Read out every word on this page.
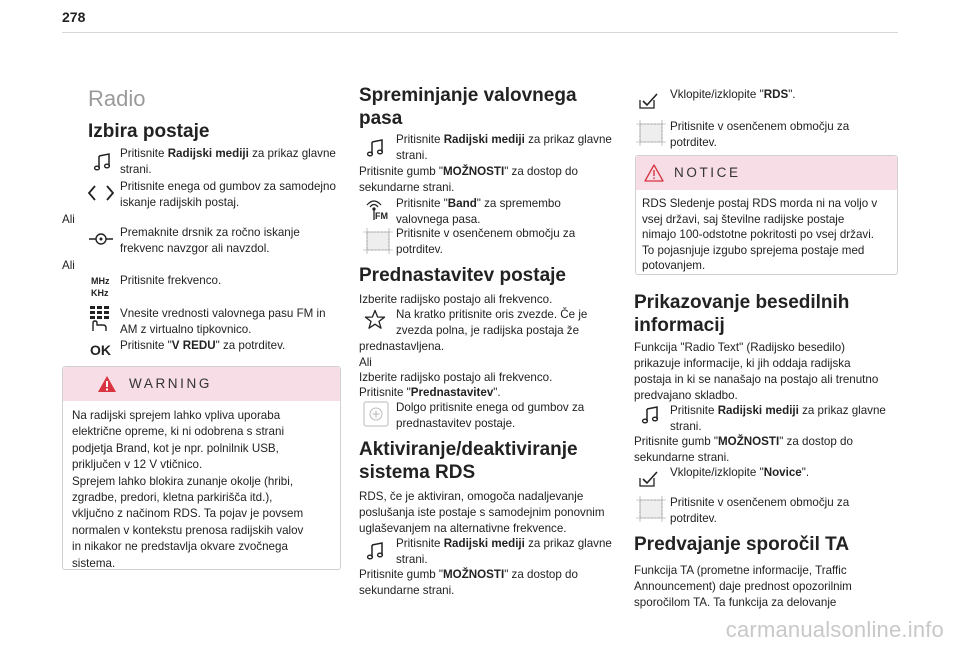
278
Radio
Izbira postaje
Pritisnite Radijski mediji za prikaz glavne
strani.
Pritisnite enega od gumbov za samodejno
iskanje radijskih postaj.
Ali
Premaknite drsnik za ročno iskanje
frekvenc navzgor ali navzdol.
Ali
MHz
KHz
Pritisnite frekvenco.
Vnesite vrednosti valovnega pasu FM in
AM z virtualno tipkovnico.
Pritisnite "V REDU" za potrditev.
OK
WARNING
Na radijski sprejem lahko vpliva uporaba
električne opreme, ki ni odobrena s strani
podjetja Brand, kot je npr. polnilnik USB,
priključen v 12 V vtičnico.
Sprejem lahko blokira zunanje okolje (hribi,
zgradbe, predori, kletna parkirišča itd.),
vključno z načinom RDS. Ta pojav je povsem
normalen v kontekstu prenosa radijskih valov
in nikakor ne predstavlja okvare zvočnega
sistema.
Spreminjanje valovnega
pasa
Pritisnite Radijski mediji za prikaz glavne
strani.
Pritisnite gumb "MOŽNOSTI" za dostop do
sekundarne strani.
FM
Pritisnite "Band" za spremembo
valovnega pasa.
Pritisnite v osenčenem območju za
potrditev.
Prednastavitev postaje
Izberite radijsko postajo ali frekvenco.
Na kratko pritisnite oris zvezde. Če je
zvezda polna, je radijska postaja že
prednastavljena.
Ali
Izberite radijsko postajo ali frekvenco.
Pritisnite "Prednastavitev".
Dolgo pritisnite enega od gumbov za
prednastavitev postaje.
Aktiviranje/deaktiviranje
sistema RDS
RDS, če je aktiviran, omogoča nadaljevanje
poslušanja iste postaje s samodejnim ponovnim
uglaševanjem na alternativne frekvence.
Pritisnite Radijski mediji za prikaz glavne
strani.
Pritisnite gumb "MOŽNOSTI" za dostop do
sekundarne strani.
Vklopite/izklopite "RDS".
Pritisnite v osenčenem območju za
potrditev.
NOTICE
RDS Sledenje postaj RDS morda ni na voljo v
vsej državi, saj številne radijske postaje
nimajo 100-odstotne pokritosti po vsej državi.
To pojasnjuje izgubo sprejema postaje med
potovanjem.
Prikazovanje besedilnih
informacij
Funkcija "Radio Text" (Radijsko besedilo)
prikazuje informacije, ki jih oddaja radijska
postaja in ki se nanašajo na postajo ali trenutno
predvajano skladbo.
Pritisnite Radijski mediji za prikaz glavne
strani.
Pritisnite gumb "MOŽNOSTI" za dostop do
sekundarne strani.
Vklopite/izklopite "Novice".
Pritisnite v osenčenem območju za
potrditev.
Predvajanje sporočil TA
Funkcija TA (prometne informacije, Traffic
Announcement) daje prednost opozorilnim
sporočilom TA. Ta funkcija za delovanje
carmanualsonline.info
